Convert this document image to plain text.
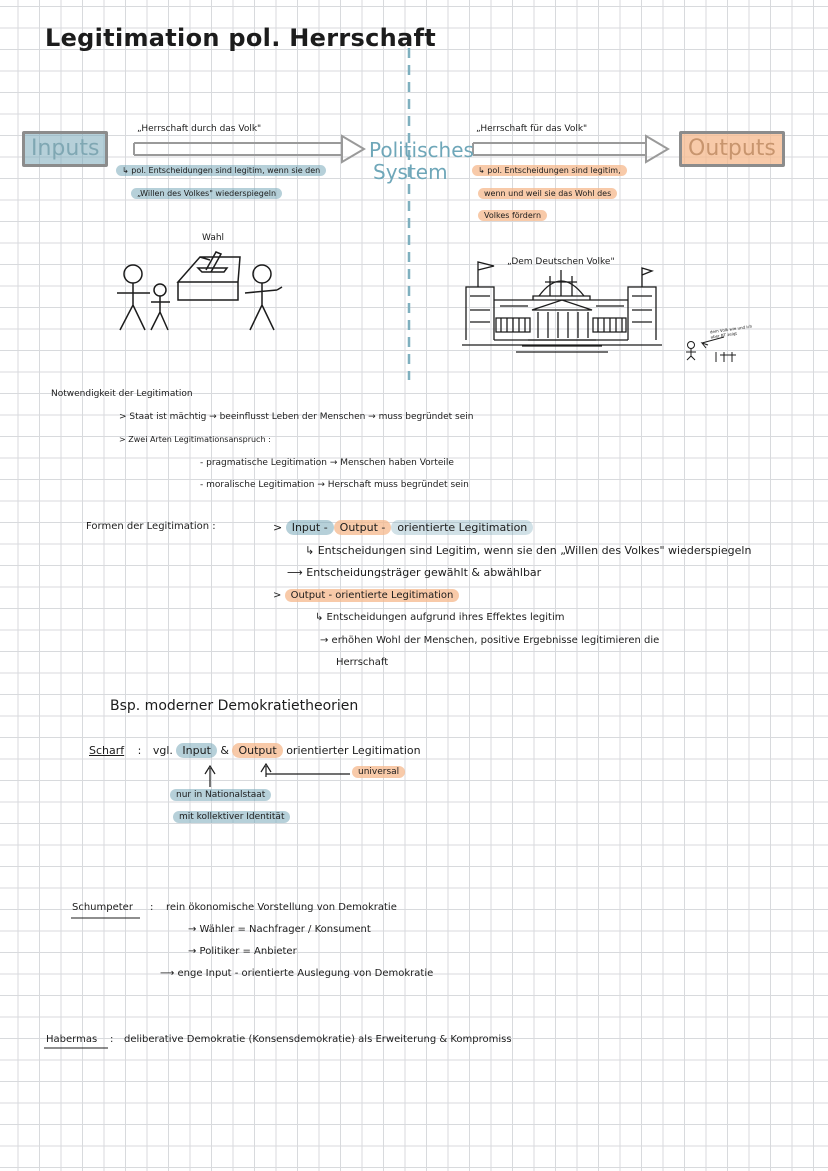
Legitimation pol. Herrschaft
Inputs	Outputs
Politisches
System
„Herrschaft durch das Volk"
↳ pol. Entscheidungen sind legitim, wenn sie den
„Willen des Volkes" wiederspiegeln
„Herrschaft für das Volk"
↳ pol. Entscheidungen sind legitim,
wenn und weil sie das Wohl des
Volkes fördern
Wahl
„Dem Deutschen Volke"
dem Volk wie und ich aber BT zeigt
Notwendigkeit der Legitimation
> Staat ist mächtig → beeinflusst Leben der Menschen → muss begründet sein
> Zwei Arten Legitimationsanspruch :
- pragmatische Legitimation → Menschen haben Vorteile
- moralische Legitimation → Herschaft muss begründet sein
Formen der Legitimation :	> Input - Output - orientierte Legitimation
↳ Entscheidungen sind Legitim, wenn sie den „Willen des Volkes" wiederspiegeln
⟶ Entscheidungsträger gewählt & abwählbar
> Output - orientierte Legitimation
↳ Entscheidungen aufgrund ihres Effektes legitim
→ erhöhen Wohl der Menschen, positive Ergebnisse legitimieren die
Herrschaft
Bsp. moderner Demokratietheorien
Scharf : vgl. Input & Output orientierter Legitimation
universal
nur in Nationalstaat
mit kollektiver Identität
Schumpeter : rein ökonomische Vorstellung von Demokratie
→ Wähler = Nachfrager / Konsument
→ Politiker = Anbieter
⟶ enge Input - orientierte Auslegung von Demokratie
Habermas : deliberative Demokratie (Konsensdemokratie) als Erweiterung & Kompromiss
